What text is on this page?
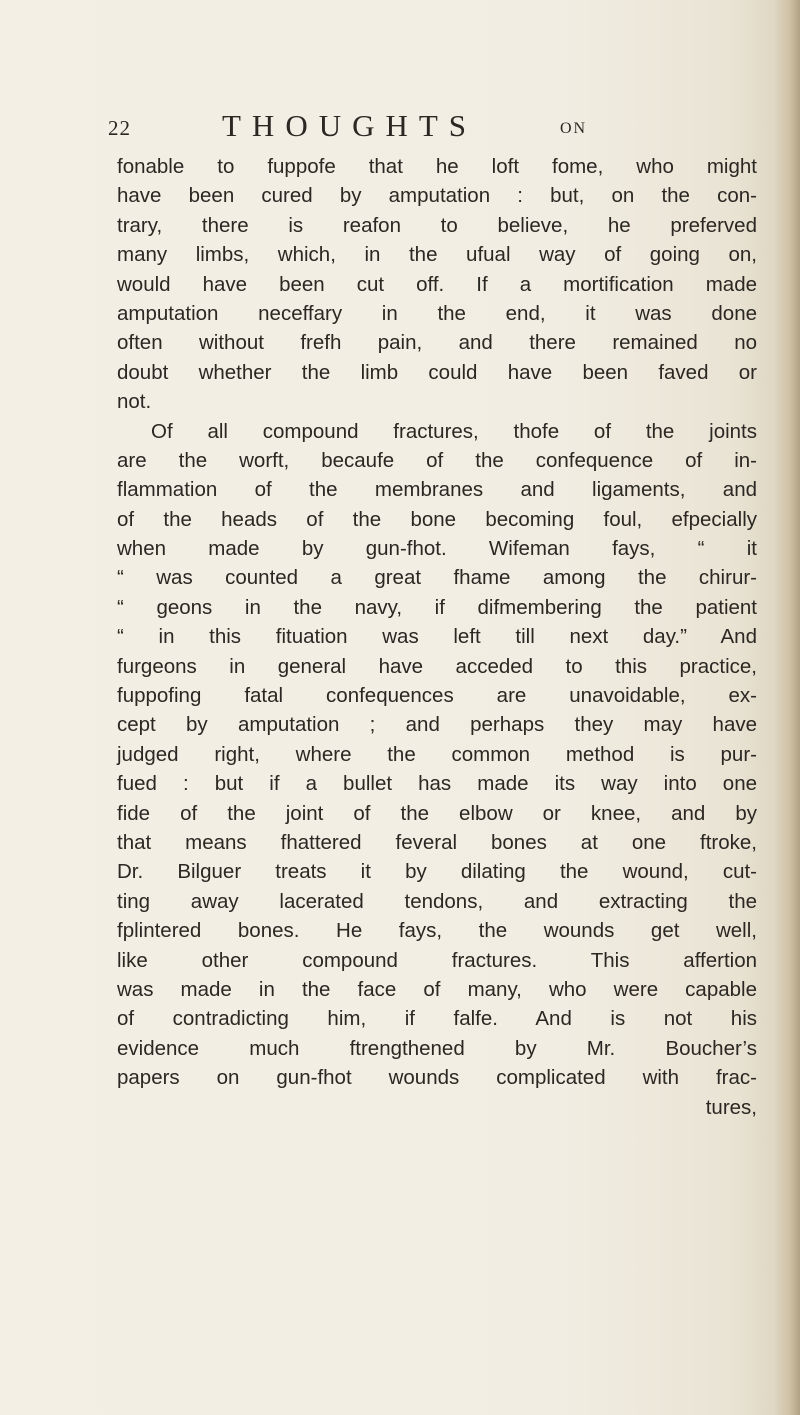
22	THOUGHTS	ON
fonable to fuppofe that he loft fome, who might
have been cured by amputation : but, on the con-
trary, there is reafon to believe, he preferved
many limbs, which, in the ufual way of going on,
would have been cut off. If a mortification made
amputation neceffary in the end, it was done
often without frefh pain, and there remained no
doubt whether the limb could have been faved or
not.
Of all compound fractures, thofe of the joints
are the worft, becaufe of the confequence of in-
flammation of the membranes and ligaments, and
of the heads of the bone becoming foul, efpecially
when made by gun-fhot. Wifeman fays, “ it
“ was counted a great fhame among the chirur-
“ geons in the navy, if difmembering the patient
“ in this fituation was left till next day.” And
furgeons in general have acceded to this practice,
fuppofing fatal confequences are unavoidable, ex-
cept by amputation ; and perhaps they may have
judged right, where the common method is pur-
fued : but if a bullet has made its way into one
fide of the joint of the elbow or knee, and by
that means fhattered feveral bones at one ftroke,
Dr. Bilguer treats it by dilating the wound, cut-
ting away lacerated tendons, and extracting the
fplintered bones. He fays, the wounds get well,
like other compound fractures. This affertion
was made in the face of many, who were capable
of contradicting him, if falfe. And is not his
evidence much ftrengthened by Mr. Boucher’s
papers on gun-fhot wounds complicated with frac-
tures,
